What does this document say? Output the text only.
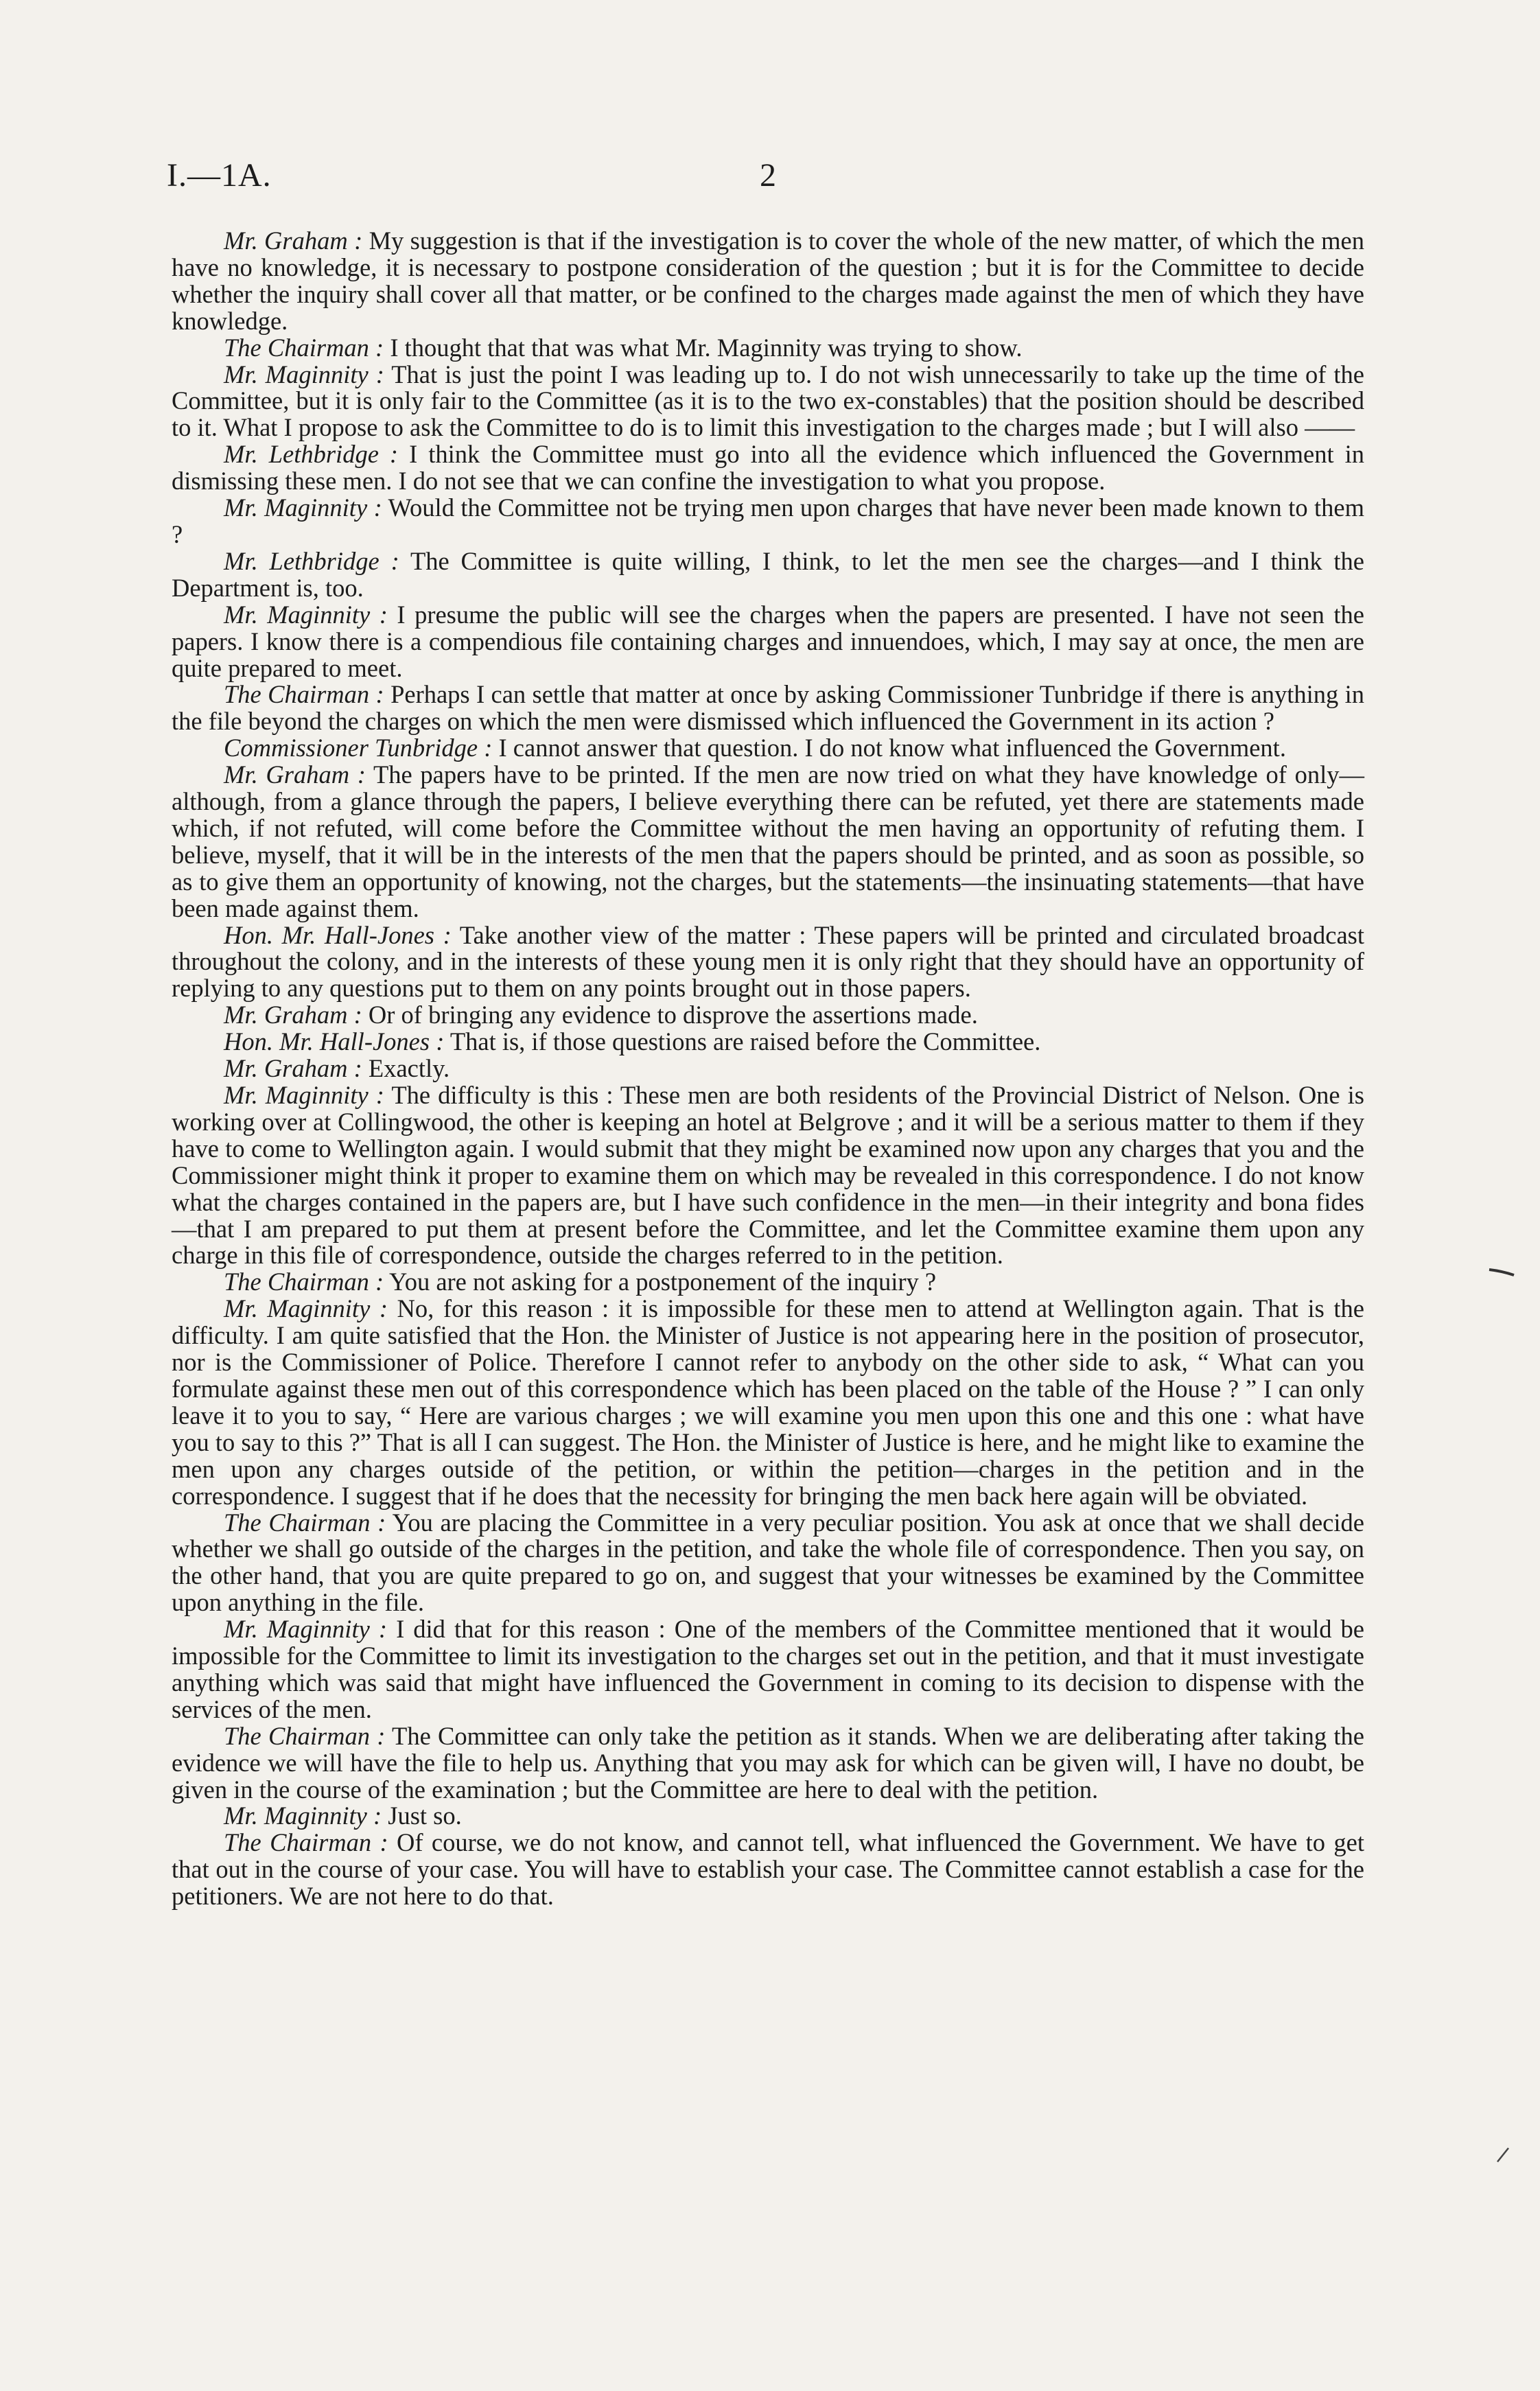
I.—1A.	2

Mr. Graham : My suggestion is that if the investigation is to cover the whole of the new matter, of which the men have no knowledge, it is necessary to postpone consideration of the question ; but it is for the Committee to decide whether the inquiry shall cover all that matter, or be confined to the charges made against the men of which they have knowledge.

The Chairman : I thought that that was what Mr. Maginnity was trying to show.

Mr. Maginnity : That is just the point I was leading up to. I do not wish unnecessarily to take up the time of the Committee, but it is only fair to the Committee (as it is to the two ex-constables) that the position should be described to it. What I propose to ask the Committee to do is to limit this investigation to the charges made ; but I will also ——

Mr. Lethbridge : I think the Committee must go into all the evidence which influenced the Government in dismissing these men. I do not see that we can confine the investigation to what you propose.

Mr. Maginnity : Would the Committee not be trying men upon charges that have never been made known to them ?

Mr. Lethbridge : The Committee is quite willing, I think, to let the men see the charges—and I think the Department is, too.

Mr. Maginnity : I presume the public will see the charges when the papers are presented. I have not seen the papers. I know there is a compendious file containing charges and innuendoes, which, I may say at once, the men are quite prepared to meet.

The Chairman : Perhaps I can settle that matter at once by asking Commissioner Tunbridge if there is anything in the file beyond the charges on which the men were dismissed which influenced the Government in its action ?

Commissioner Tunbridge : I cannot answer that question. I do not know what influenced the Government.

Mr. Graham : The papers have to be printed. If the men are now tried on what they have knowledge of only—although, from a glance through the papers, I believe everything there can be refuted, yet there are statements made which, if not refuted, will come before the Committee without the men having an opportunity of refuting them. I believe, myself, that it will be in the interests of the men that the papers should be printed, and as soon as possible, so as to give them an opportunity of knowing, not the charges, but the statements—the insinuating statements—that have been made against them.

Hon. Mr. Hall-Jones : Take another view of the matter : These papers will be printed and circulated broadcast throughout the colony, and in the interests of these young men it is only right that they should have an opportunity of replying to any questions put to them on any points brought out in those papers.

Mr. Graham : Or of bringing any evidence to disprove the assertions made.

Hon. Mr. Hall-Jones : That is, if those questions are raised before the Committee.

Mr. Graham : Exactly.

Mr. Maginnity : The difficulty is this : These men are both residents of the Provincial District of Nelson. One is working over at Collingwood, the other is keeping an hotel at Belgrove ; and it will be a serious matter to them if they have to come to Wellington again. I would submit that they might be examined now upon any charges that you and the Commissioner might think it proper to examine them on which may be revealed in this correspondence. I do not know what the charges contained in the papers are, but I have such confidence in the men—in their integrity and bona fides—that I am prepared to put them at present before the Committee, and let the Committee examine them upon any charge in this file of correspondence, outside the charges referred to in the petition.

The Chairman : You are not asking for a postponement of the inquiry ?

Mr. Maginnity : No, for this reason : it is impossible for these men to attend at Wellington again. That is the difficulty. I am quite satisfied that the Hon. the Minister of Justice is not appearing here in the position of prosecutor, nor is the Commissioner of Police. Therefore I cannot refer to anybody on the other side to ask, “ What can you formulate against these men out of this correspondence which has been placed on the table of the House ? ” I can only leave it to you to say, “ Here are various charges ; we will examine you men upon this one and this one : what have you to say to this ?” That is all I can suggest. The Hon. the Minister of Justice is here, and he might like to examine the men upon any charges outside of the petition, or within the petition—charges in the petition and in the correspondence. I suggest that if he does that the necessity for bringing the men back here again will be obviated.

The Chairman : You are placing the Committee in a very peculiar position. You ask at once that we shall decide whether we shall go outside of the charges in the petition, and take the whole file of correspondence. Then you say, on the other hand, that you are quite prepared to go on, and suggest that your witnesses be examined by the Committee upon anything in the file.

Mr. Maginnity : I did that for this reason : One of the members of the Committee mentioned that it would be impossible for the Committee to limit its investigation to the charges set out in the petition, and that it must investigate anything which was said that might have influenced the Government in coming to its decision to dispense with the services of the men.

The Chairman : The Committee can only take the petition as it stands. When we are deliberating after taking the evidence we will have the file to help us. Anything that you may ask for which can be given will, I have no doubt, be given in the course of the examination ; but the Committee are here to deal with the petition.

Mr. Maginnity : Just so.

The Chairman : Of course, we do not know, and cannot tell, what influenced the Government. We have to get that out in the course of your case. You will have to establish your case. The Committee cannot establish a case for the petitioners. We are not here to do that.
